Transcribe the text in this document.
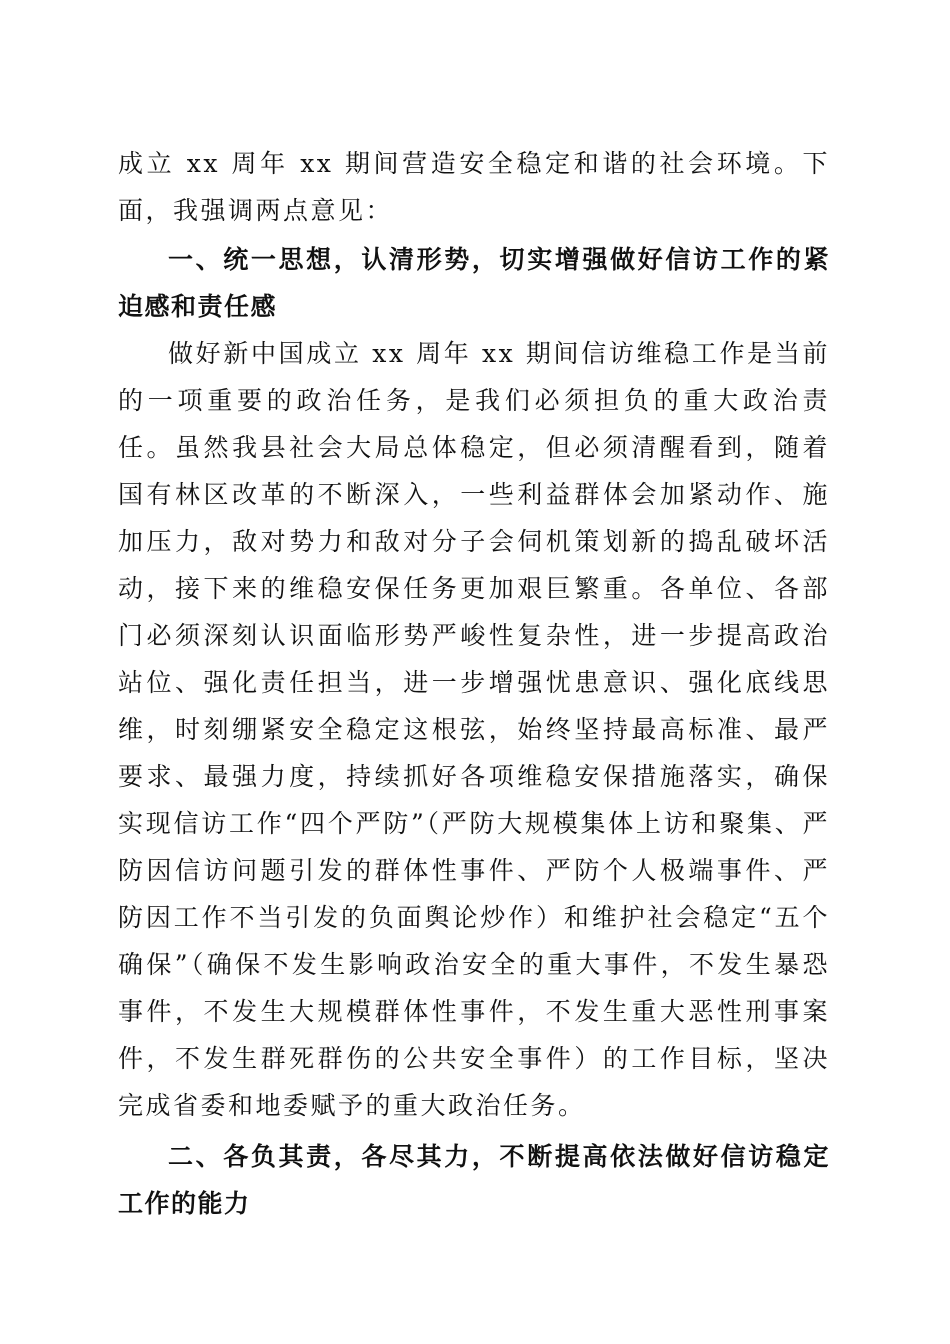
成立 xx 周年 xx 期间营造安全稳定和谐的社会环境。下面，我强调两点意见：

一、统一思想，认清形势，切实增强做好信访工作的紧迫感和责任感

做好新中国成立 xx 周年 xx 期间信访维稳工作是当前的一项重要的政治任务，是我们必须担负的重大政治责任。虽然我县社会大局总体稳定，但必须清醒看到，随着国有林区改革的不断深入，一些利益群体会加紧动作、施加压力，敌对势力和敌对分子会伺机策划新的捣乱破坏活动，接下来的维稳安保任务更加艰巨繁重。各单位、各部门必须深刻认识面临形势严峻性复杂性，进一步提高政治站位、强化责任担当，进一步增强忧患意识、强化底线思维，时刻绷紧安全稳定这根弦，始终坚持最高标准、最严要求、最强力度，持续抓好各项维稳安保措施落实，确保实现信访工作“四个严防”（严防大规模集体上访和聚集、严防因信访问题引发的群体性事件、严防个人极端事件、严防因工作不当引发的负面舆论炒作）和维护社会稳定“五个确保”（确保不发生影响政治安全的重大事件，不发生暴恐事件，不发生大规模群体性事件，不发生重大恶性刑事案件，不发生群死群伤的公共安全事件）的工作目标，坚决完成省委和地委赋予的重大政治任务。

二、各负其责，各尽其力，不断提高依法做好信访稳定工作的能力
